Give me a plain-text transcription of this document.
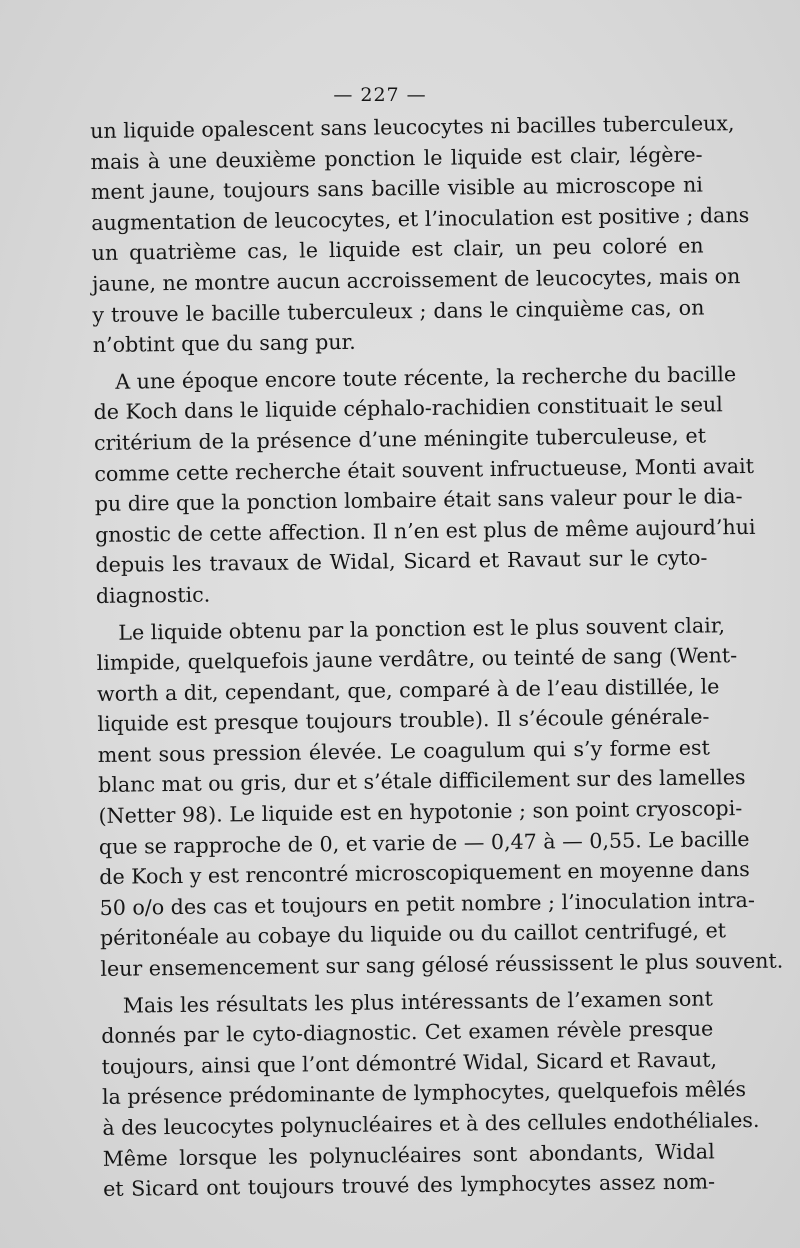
— 227 —
un liquide opalescent sans leucocytes ni bacilles tuberculeux,
mais à une deuxième ponction le liquide est clair, légère-
ment jaune, toujours sans bacille visible au microscope ni
augmentation de leucocytes, et l’inoculation est positive ; dans
un quatrième cas, le liquide est clair, un peu coloré en
jaune, ne montre aucun accroissement de leucocytes, mais on
y trouve le bacille tuberculeux ; dans le cinquième cas, on
n’obtint que du sang pur.
A une époque encore toute récente, la recherche du bacille
de Koch dans le liquide céphalo-rachidien constituait le seul
critérium de la présence d’une méningite tuberculeuse, et
comme cette recherche était souvent infructueuse, Monti avait
pu dire que la ponction lombaire était sans valeur pour le dia-
gnostic de cette affection. Il n’en est plus de même aujourd’hui
depuis les travaux de Widal, Sicard et Ravaut sur le cyto-
diagnostic.
Le liquide obtenu par la ponction est le plus souvent clair,
limpide, quelquefois jaune verdâtre, ou teinté de sang (Went-
worth a dit, cependant, que, comparé à de l’eau distillée, le
liquide est presque toujours trouble). Il s’écoule générale-
ment sous pression élevée. Le coagulum qui s’y forme est
blanc mat ou gris, dur et s’étale difficilement sur des lamelles
(Netter 98). Le liquide est en hypotonie ; son point cryoscopi-
que se rapproche de 0, et varie de — 0,47 à — 0,55. Le bacille
de Koch y est rencontré microscopiquement en moyenne dans
50 o/o des cas et toujours en petit nombre ; l’inoculation intra-
péritonéale au cobaye du liquide ou du caillot centrifugé, et
leur ensemencement sur sang gélosé réussissent le plus souvent.
Mais les résultats les plus intéressants de l’examen sont
donnés par le cyto-diagnostic. Cet examen révèle presque
toujours, ainsi que l’ont démontré Widal, Sicard et Ravaut,
la présence prédominante de lymphocytes, quelquefois mêlés
à des leucocytes polynucléaires et à des cellules endothéliales.
Même lorsque les polynucléaires sont abondants, Widal
et Sicard ont toujours trouvé des lymphocytes assez nom-
